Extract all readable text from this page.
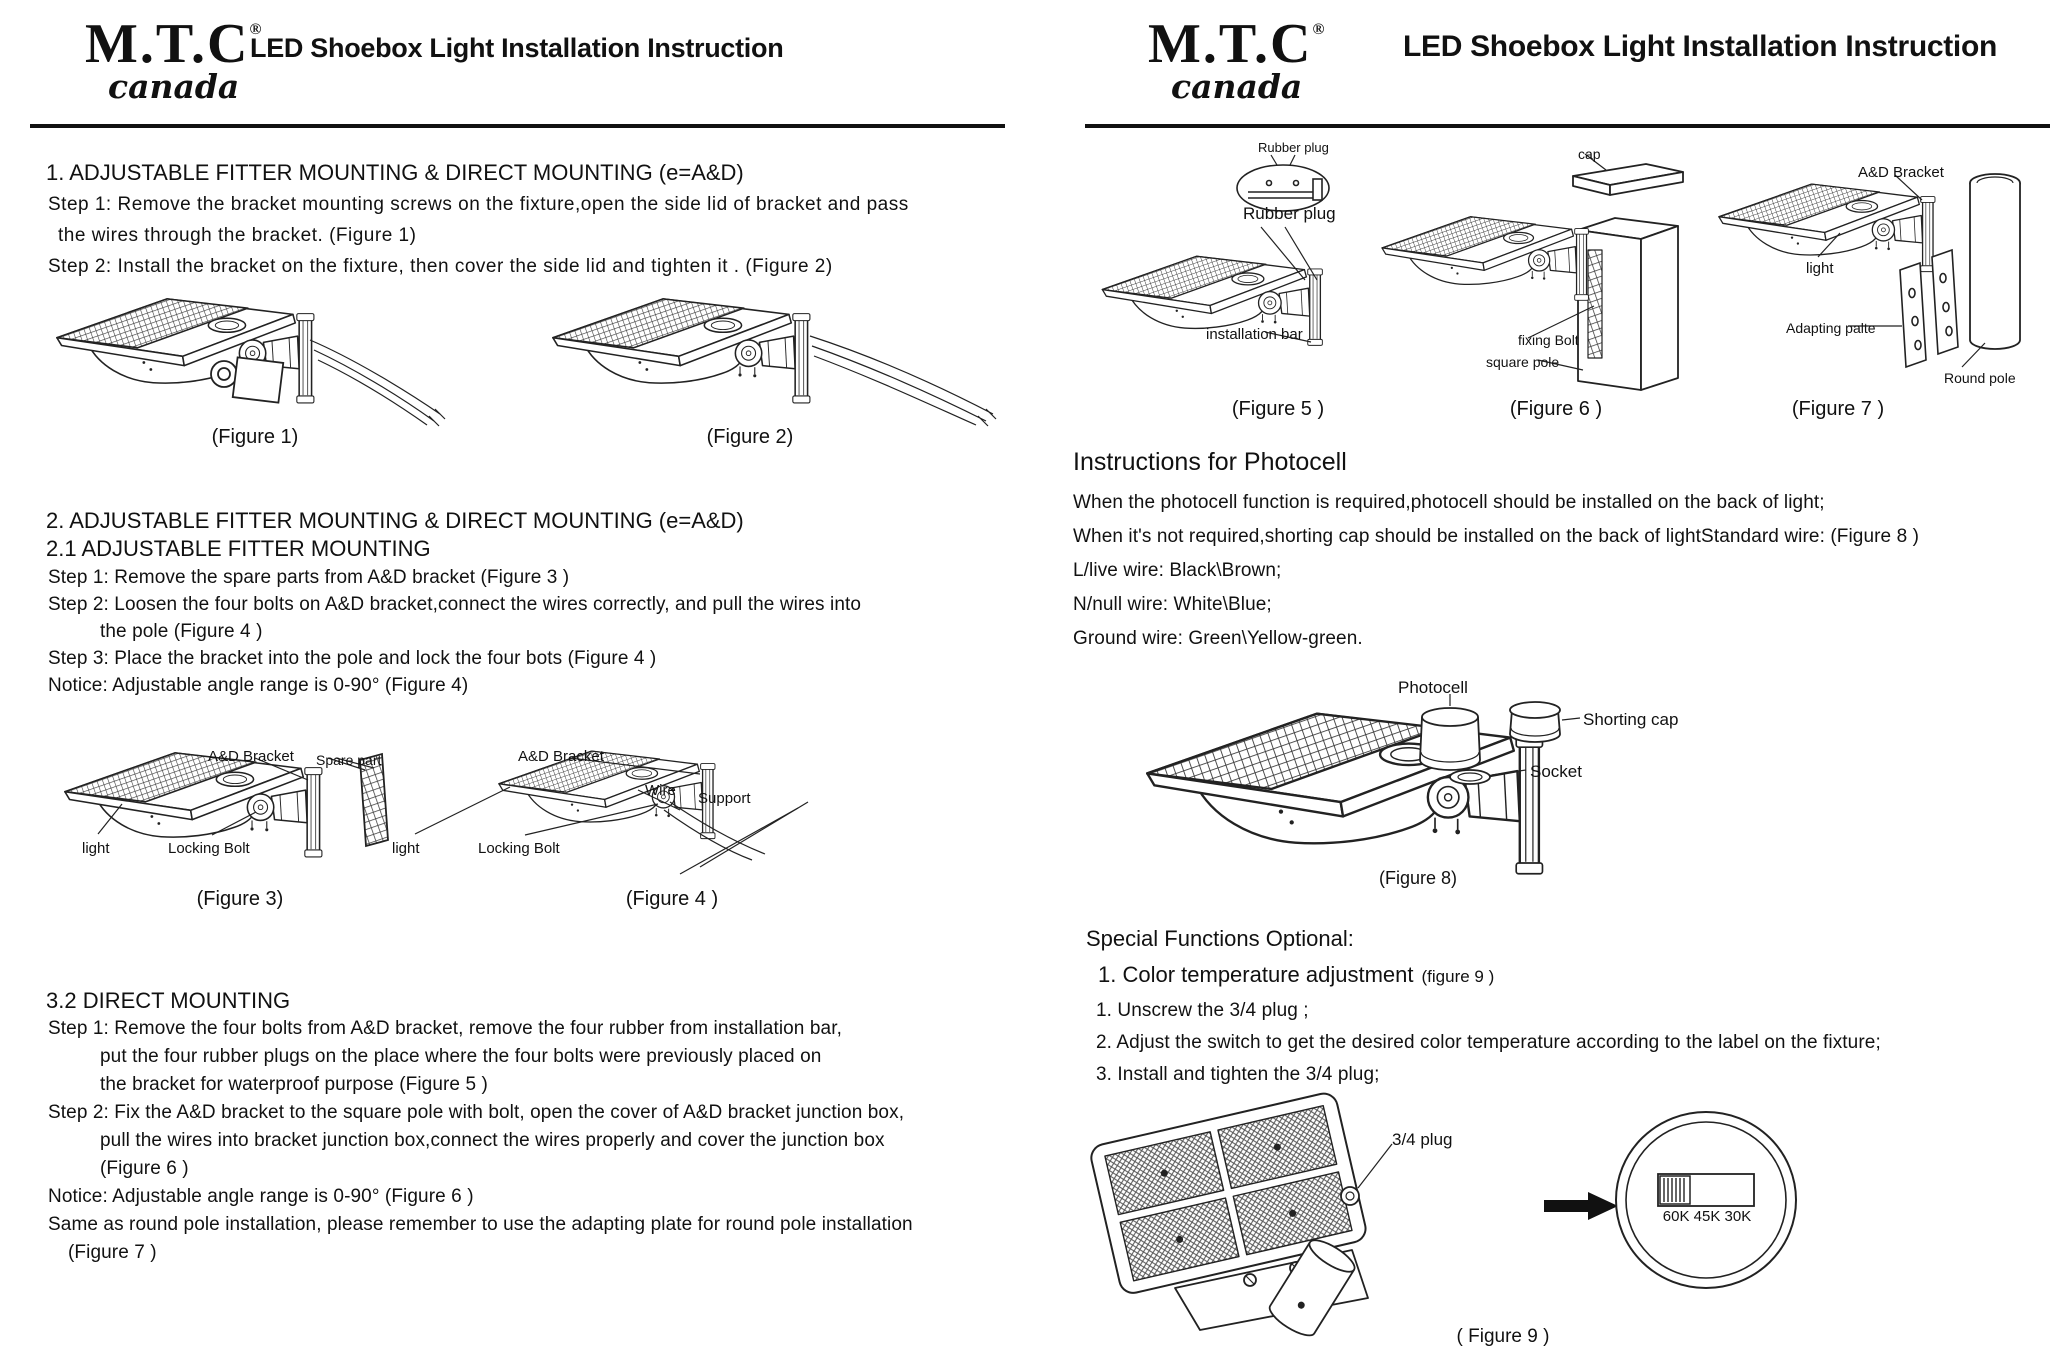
M.T.C®
canada
LED Shoebox Light Installation Instruction
1. ADJUSTABLE FITTER MOUNTING & DIRECT MOUNTING (e=A&D)
Step 1: Remove the bracket mounting screws on the fixture,open the side lid of bracket and pass
the wires through the bracket. (Figure 1)
Step 2: Install the bracket on the fixture, then cover the side lid and tighten it . (Figure 2)
(Figure 1)	(Figure 2)
2. ADJUSTABLE FITTER MOUNTING & DIRECT MOUNTING (e=A&D)
2.1 ADJUSTABLE FITTER MOUNTING
Step 1: Remove the spare parts from A&D bracket (Figure 3 )
Step 2: Loosen the four bolts on A&D bracket,connect the wires correctly, and pull the wires into
the pole (Figure 4 )
Step 3: Place the bracket into the pole and lock the four bots (Figure 4 )
Notice: Adjustable angle range is 0-90° (Figure 4)
A&D Bracket Spare part
light	Locking Bolt
(Figure 3)
A&D Bracket
Wire Support
light	Locking Bolt
(Figure 4 )
3.2 DIRECT MOUNTING
Step 1: Remove the four bolts from A&D bracket, remove the four rubber from installation bar,
put the four rubber plugs on the place where the four bolts were previously placed on
the bracket for waterproof purpose (Figure 5 )
Step 2: Fix the A&D bracket to the square pole with bolt, open the cover of A&D bracket junction box,
pull the wires into bracket junction box,connect the wires properly and cover the junction box
(Figure 6 )
Notice: Adjustable angle range is 0-90° (Figure 6 )
Same as round pole installation, please remember to use the adapting plate for round pole installation
(Figure 7 )
M.T.C®
canada
LED Shoebox Light Installation Instruction
Rubber plug
Rubber plug
installation bar
(Figure 5 )
cap
fixing Bolt
square pole
(Figure 6 )
A&D Bracket
light
Adapting palte
Round pole
(Figure 7 )
Instructions for Photocell
When the photocell function is required,photocell should be installed on the back of light;
When it's not required,shorting cap should be installed on the back of lightStandard wire: (Figure 8 )
L/live wire: Black\Brown;
N/null wire: White\Blue;
Ground wire: Green\Yellow-green.
Photocell
Shorting cap
Socket
(Figure 8)
Special Functions Optional:
1. Color temperature adjustment (figure 9 )
1. Unscrew the 3/4 plug ;
2. Adjust the switch to get the desired color temperature according to the label on the fixture;
3. Install and tighten the 3/4 plug;
3/4 plug
60K 45K 30K
( Figure 9 )
